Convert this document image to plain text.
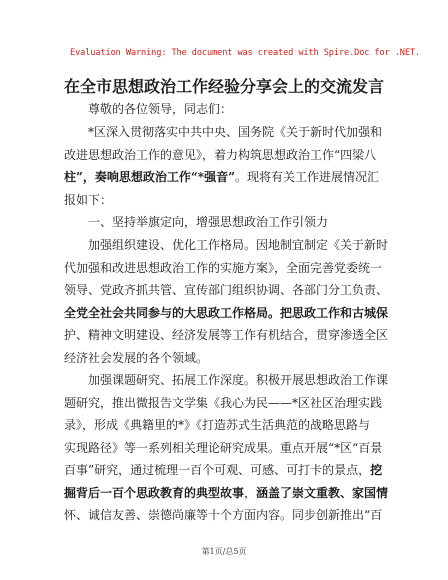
Evaluation Warning: The document was created with Spire.Doc for .NET.
在全市思想政治工作经验分享会上的交流发言
尊敬的各位领导，同志们：
*区深入贯彻落实中共中央、国务院《关于新时代加强和
改进思想政治工作的意见》，着力构筑思想政治工作“四梁八
柱”，奏响思想政治工作“*强音”。现将有关工作进展情况汇
报如下：
一、坚持举旗定向，增强思想政治工作引领力
加强组织建设、优化工作格局。因地制宜制定《关于新时
代加强和改进思想政治工作的实施方案》，全面完善党委统一
领导、党政齐抓共管、宣传部门组织协调、各部门分工负责、
全党全社会共同参与的大思政工作格局。把思政工作和古城保
护、精神文明建设、经济发展等工作有机结合，贯穿渗透全区
经济社会发展的各个领域。
加强课题研究、拓展工作深度。积极开展思想政治工作课
题研究，推出微报告文学集《我心为民——*区社区治理实践
录》，形成《典籍里的*》《打造苏式生活典范的战略思路与
实现路径》等一系列相关理论研究成果。重点开展“*区“百景
百事”研究，通过梳理一百个可观、可感、可打卡的景点，挖
掘背后一百个思政教育的典型故事，涵盖了崇文重教、家国情
怀、诚信友善、崇德尚廉等十个方面内容。同步创新推出“百
第1页/总5页
